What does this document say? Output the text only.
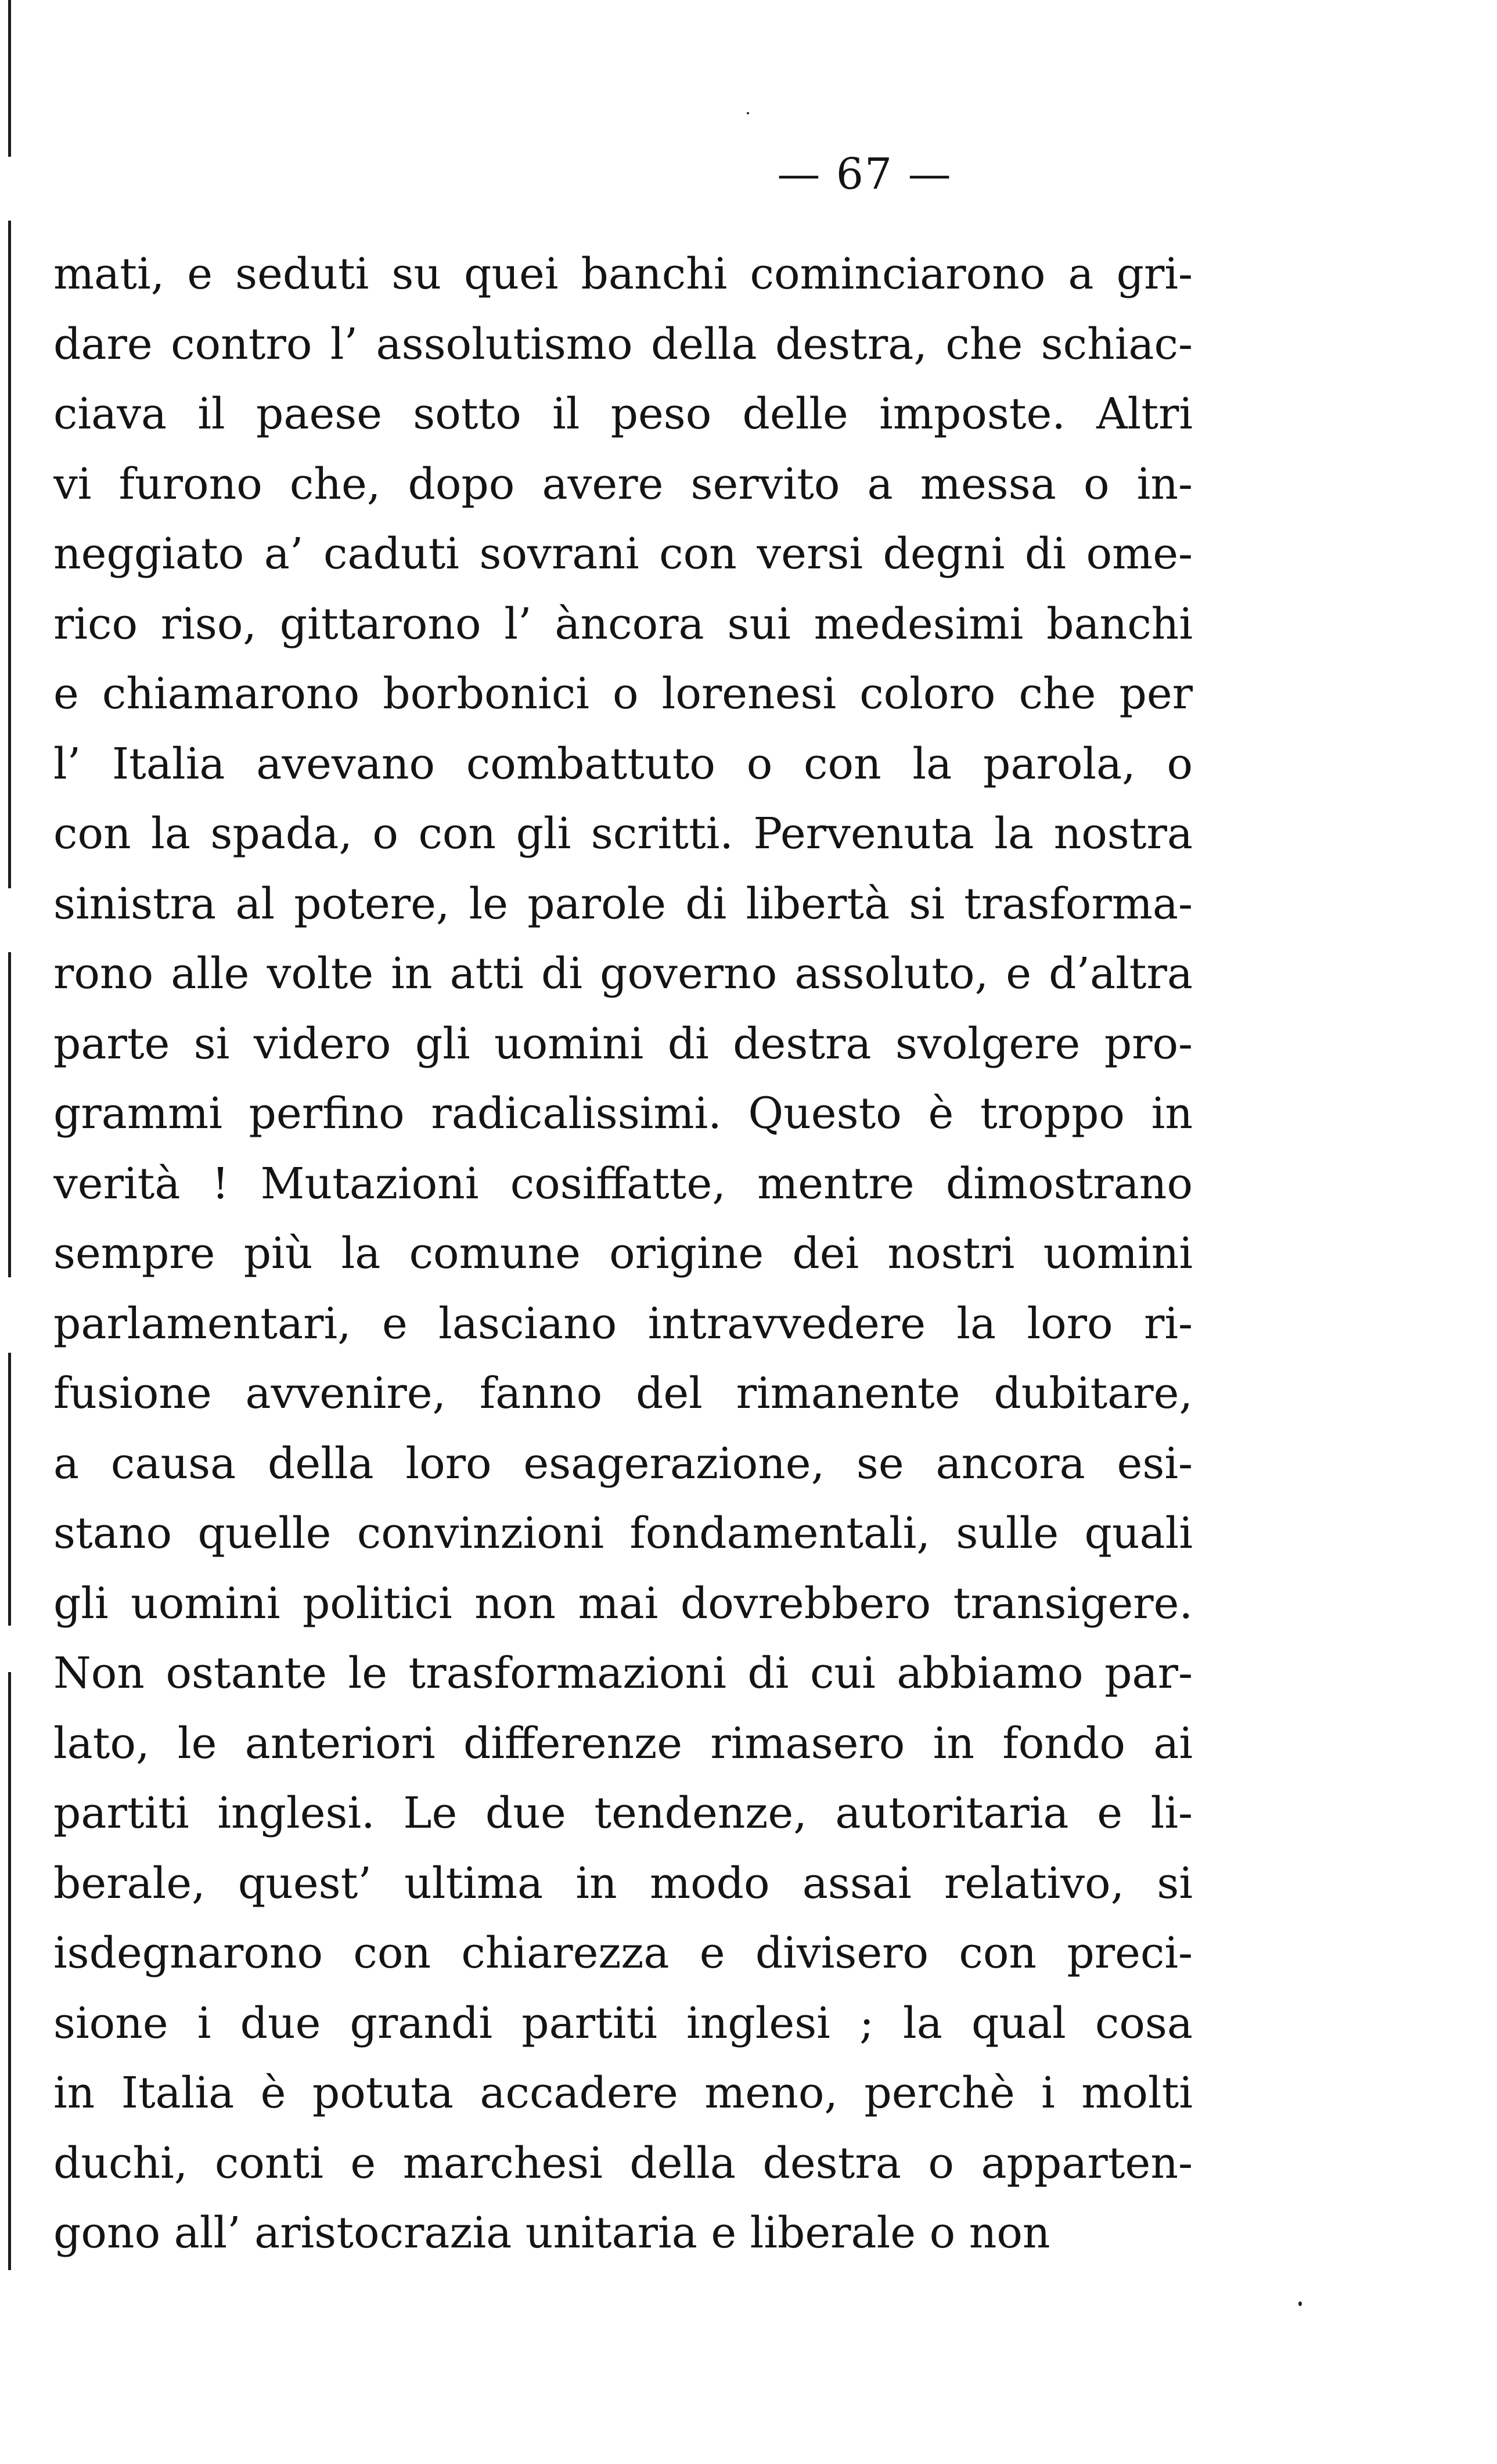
— 67 —
mati, e seduti su quei banchi cominciarono a gri-
dare contro l’ assolutismo della destra, che schiac-
ciava il paese sotto il peso delle imposte. Altri
vi furono che, dopo avere servito a messa o in-
neggiato a’ caduti sovrani con versi degni di ome-
rico riso, gittarono l’ àncora sui medesimi banchi
e chiamarono borbonici o lorenesi coloro che per
l’ Italia avevano combattuto o con la parola, o
con la spada, o con gli scritti. Pervenuta la nostra
sinistra al potere, le parole di libertà si trasforma-
rono alle volte in atti di governo assoluto, e d’altra
parte si videro gli uomini di destra svolgere pro-
grammi perfino radicalissimi. Questo è troppo in
verità ! Mutazioni cosiffatte, mentre dimostrano
sempre più la comune origine dei nostri uomini
parlamentari, e lasciano intravvedere la loro ri-
fusione avvenire, fanno del rimanente dubitare,
a causa della loro esagerazione, se ancora esi-
stano quelle convinzioni fondamentali, sulle quali
gli uomini politici non mai dovrebbero transigere.
Non ostante le trasformazioni di cui abbiamo par-
lato, le anteriori differenze rimasero in fondo ai
partiti inglesi. Le due tendenze, autoritaria e li-
berale, quest’ ultima in modo assai relativo, si
isdegnarono con chiarezza e divisero con preci-
sione i due grandi partiti inglesi ; la qual cosa
in Italia è potuta accadere meno, perchè i molti
duchi, conti e marchesi della destra o apparten-
gono all’ aristocrazia unitaria e liberale o non
